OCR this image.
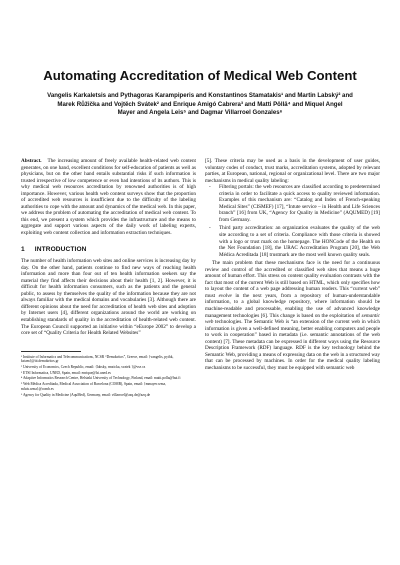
Automating Accreditation of Medical Web Content
Vangelis Karkaletsis and Pythagoras Karampiperis and Konstantinos Stamatakis¹ and Martin Labský² and
Marek Růžička and Vojtěch Svátek² and Enrique Amigó Cabrera³ and Matti Pöllä⁴ and Miquel Angel
Mayer and Angela Leis⁵ and Dagmar Villarroel Gonzales⁶

Abstract. The increasing amount of freely available health-related web content generates, on one hand, excellent conditions for self-education of patients as well as physicians, but on the other hand entails substantial risks if such information is trusted irrespective of low competence or even bad intentions of its authors. This is why medical web resources accreditation by renowned authorities is of high importance. However, various health web content surveys show that the proportion of accredited web resources is insufficient due to the difficulty of the labeling authorities to cope with the amount and dynamics of the medical web. In this paper, we address the problem of automating the accreditation of medical web content. To this end, we present a system which provides the infrastructure and the means to aggregate and support various aspects of the daily work of labeling experts, exploiting web content collection and information extraction techniques.

1 INTRODUCTION

The number of health information web sites and online services is increasing day by day. On the other hand, patients continue to find new ways of reaching health information and more than four out of ten health information seekers say the material they find affects their decisions about their health [1, 2]. However, it is difficult for health information consumers, such as the patients and the general public, to assess by themselves the quality of the information because they are not always familiar with the medical domains and vocabularies [3]. Although there are different opinions about the need for accreditation of health web sites and adoption by Internet users [4], different organizations around the world are working on establishing standards of quality in the accreditation of health-related web content. The European Council supported an initiative within “eEurope 2002” to develop a core set of “Quality Criteria for Health Related Websites”

¹ Institute of Informatics and Telecommunications, NCSR “Demokritos”, Greece, email: {vangelis, pythk, kstam}@iit.demokritos.gr
² University of Economics, Czech Republic, email: {labsky, rmzicka, svatek }@vse.cz
³ ETSI Informatica, UNED, Spain, email: enrique@lsi.uned.es
⁴ Adaptive Informatics Research Centre, Helsinki University of Technology, Finland, email: matti.polla@hut.fi
⁵ Web Médica Acreditada, Medical Association of Barcelona (COMB), Spain, email: {mmayer.wma, mluis.wma}@comb.es
⁶ Agency for Quality in Medicine (AquMed), Germany, email: villarroel@azq.de@azq.de

[5]. These criteria may be used as a basis in the development of user guides, voluntary codes of conduct, trust marks, accreditation systems, adopted by relevant parties, at European, national, regional or organizational level. There are two major mechanisms in medical quality labeling:

- Filtering portals: the web resources are classified according to predetermined criteria in order to facilitate a quick access to quality reviewed information. Examples of this mechanism are: “Catalog and Index of French-speaking Medical Sites” (CISMEF) [17], “Intute service – in Health and Life Sciences branch” [16] from UK, “Agency for Quality in Medicine” (AQUMED) [19] from Germany.
- Third party accreditation: an organization evaluates the quality of the web site according to a set of criteria. Compliance with those criteria is showed with a logo or trust mark on the homepage. The HONCode of the Health on the Net Foundation [18], the URAC Accreditation Program [20], the Web Médica Acreditada [18] trustmark are the most well known quality seals.

The main problem that these mechanisms face is the need for a continuous review and control of the accredited or classified web sites that means a huge amount of human effort. This stress on content quality evaluation contrasts with the fact that most of the current Web is still based on HTML, which only specifies how to layout the content of a web page addressing human readers. This “current web” must evolve in the next years, from a repository of human-understandable information, to a global knowledge repository, where information should be machine-readable and processable, enabling the use of advanced knowledge management technologies [6]. This change is based on the exploitation of semantic web technologies. The Semantic Web is “an extension of the current web in which information is given a well-defined meaning, better enabling computers and people to work in cooperation” based in metadata (i.e. semantic annotations of the web content) [7]. These metadata can be expressed in different ways using the Resource Description Framework (RDF) language. RDF is the key technology behind the Semantic Web, providing a means of expressing data on the web in a structured way that can be processed by machines. In order for the medical quality labeling mechanisms to be successful, they must be equipped with semantic web
